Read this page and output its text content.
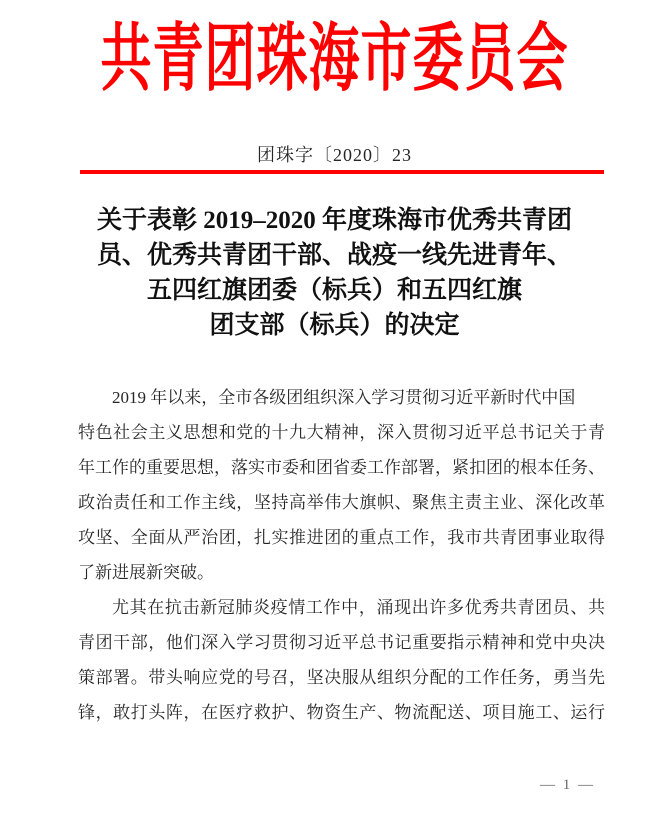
共青团珠海市委员会
团珠字〔2020〕23
关于表彰 2019–2020 年度珠海市优秀共青团
员、优秀共青团干部、战疫一线先进青年、
五四红旗团委（标兵）和五四红旗
团支部（标兵）的决定
2019 年以来，全市各级团组织深入学习贯彻习近平新时代中国
特色社会主义思想和党的十九大精神，深入贯彻习近平总书记关于青
年工作的重要思想，落实市委和团省委工作部署，紧扣团的根本任务、
政治责任和工作主线，坚持高举伟大旗帜、聚焦主责主业、深化改革
攻坚、全面从严治团，扎实推进团的重点工作，我市共青团事业取得
了新进展新突破。
尤其在抗击新冠肺炎疫情工作中，涌现出许多优秀共青团员、共
青团干部，他们深入学习贯彻习近平总书记重要指示精神和党中央决
策部署。带头响应党的号召，坚决服从组织分配的工作任务，勇当先
锋，敢打头阵，在医疗救护、物资生产、物流配送、项目施工、运行
— 1 —
